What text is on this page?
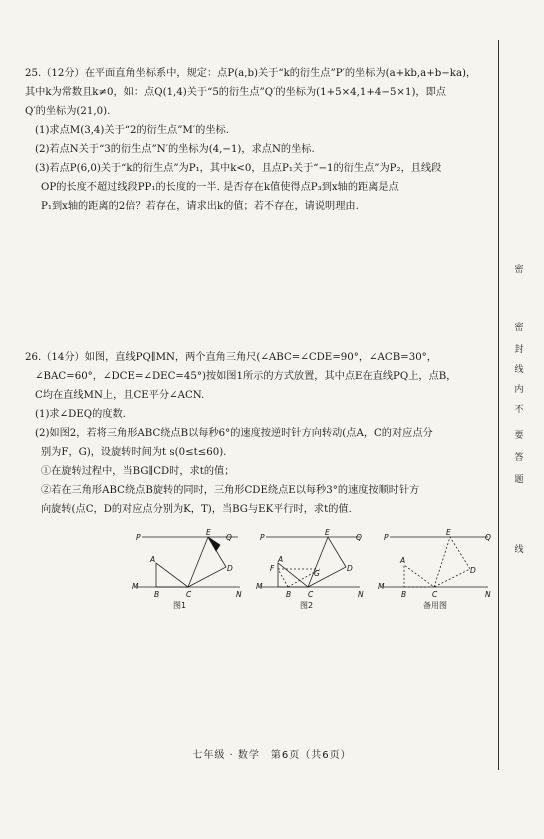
25.（12分）在平面直角坐标系中，规定：点P(a,b)关于“k的衍生点”P′的坐标为(a+kb,a+b−ka)，

其中k为常数且k≠0，如：点Q(1,4)关于“5的衍生点”Q′的坐标为(1+5×4,1+4−5×1)，即点

Q′的坐标为(21,0).

(1)求点M(3,4)关于“2的衍生点”M′的坐标.

(2)若点N关于“3的衍生点”N′的坐标为(4,−1)，求点N的坐标.

(3)若点P(6,0)关于“k的衍生点”为P₁，其中k<0，且点P₁关于“−1的衍生点”为P₂，且线段

OP的长度不超过线段PP₁的长度的一半. 是否存在k值使得点P₃到x轴的距离是点

P₁到x轴的距离的2倍？若存在，请求出k的值；若不存在，请说明理由.

26.（14分）如图，直线PQ∥MN，两个直角三角尺(∠ABC=∠CDE=90°，∠ACB=30°，

∠BAC=60°，∠DCE=∠DEC=45°)按如图1所示的方式放置，其中点E在直线PQ上，点B，

C均在直线MN上，且CE平分∠ACN.

(1)求∠DEQ的度数.

(2)如图2，若将三角形ABC绕点B以每秒6°的速度按逆时针方向转动(点A，C的对应点分

别为F，G)，设旋转时间为t s(0≤t≤60).

①在旋转过程中，当BG∥CD时，求t的值；

②若在三角形ABC绕点B旋转的同时，三角形CDE绕点E以每秒3°的速度按顺时针方

向旋转(点C，D的对应点分别为K，T)，当BG与EK平行时，求t的值.

P	Q
E
D
A
M
B	C	N
P	Q
E
D
F
A
G
M
B C	N
P	Q
E
D
A
M
B	C	N
图1	图2	备用图
密
密
封
线
内
不
要
答
题
线
七年级 · 数学　第6页（共6页）
